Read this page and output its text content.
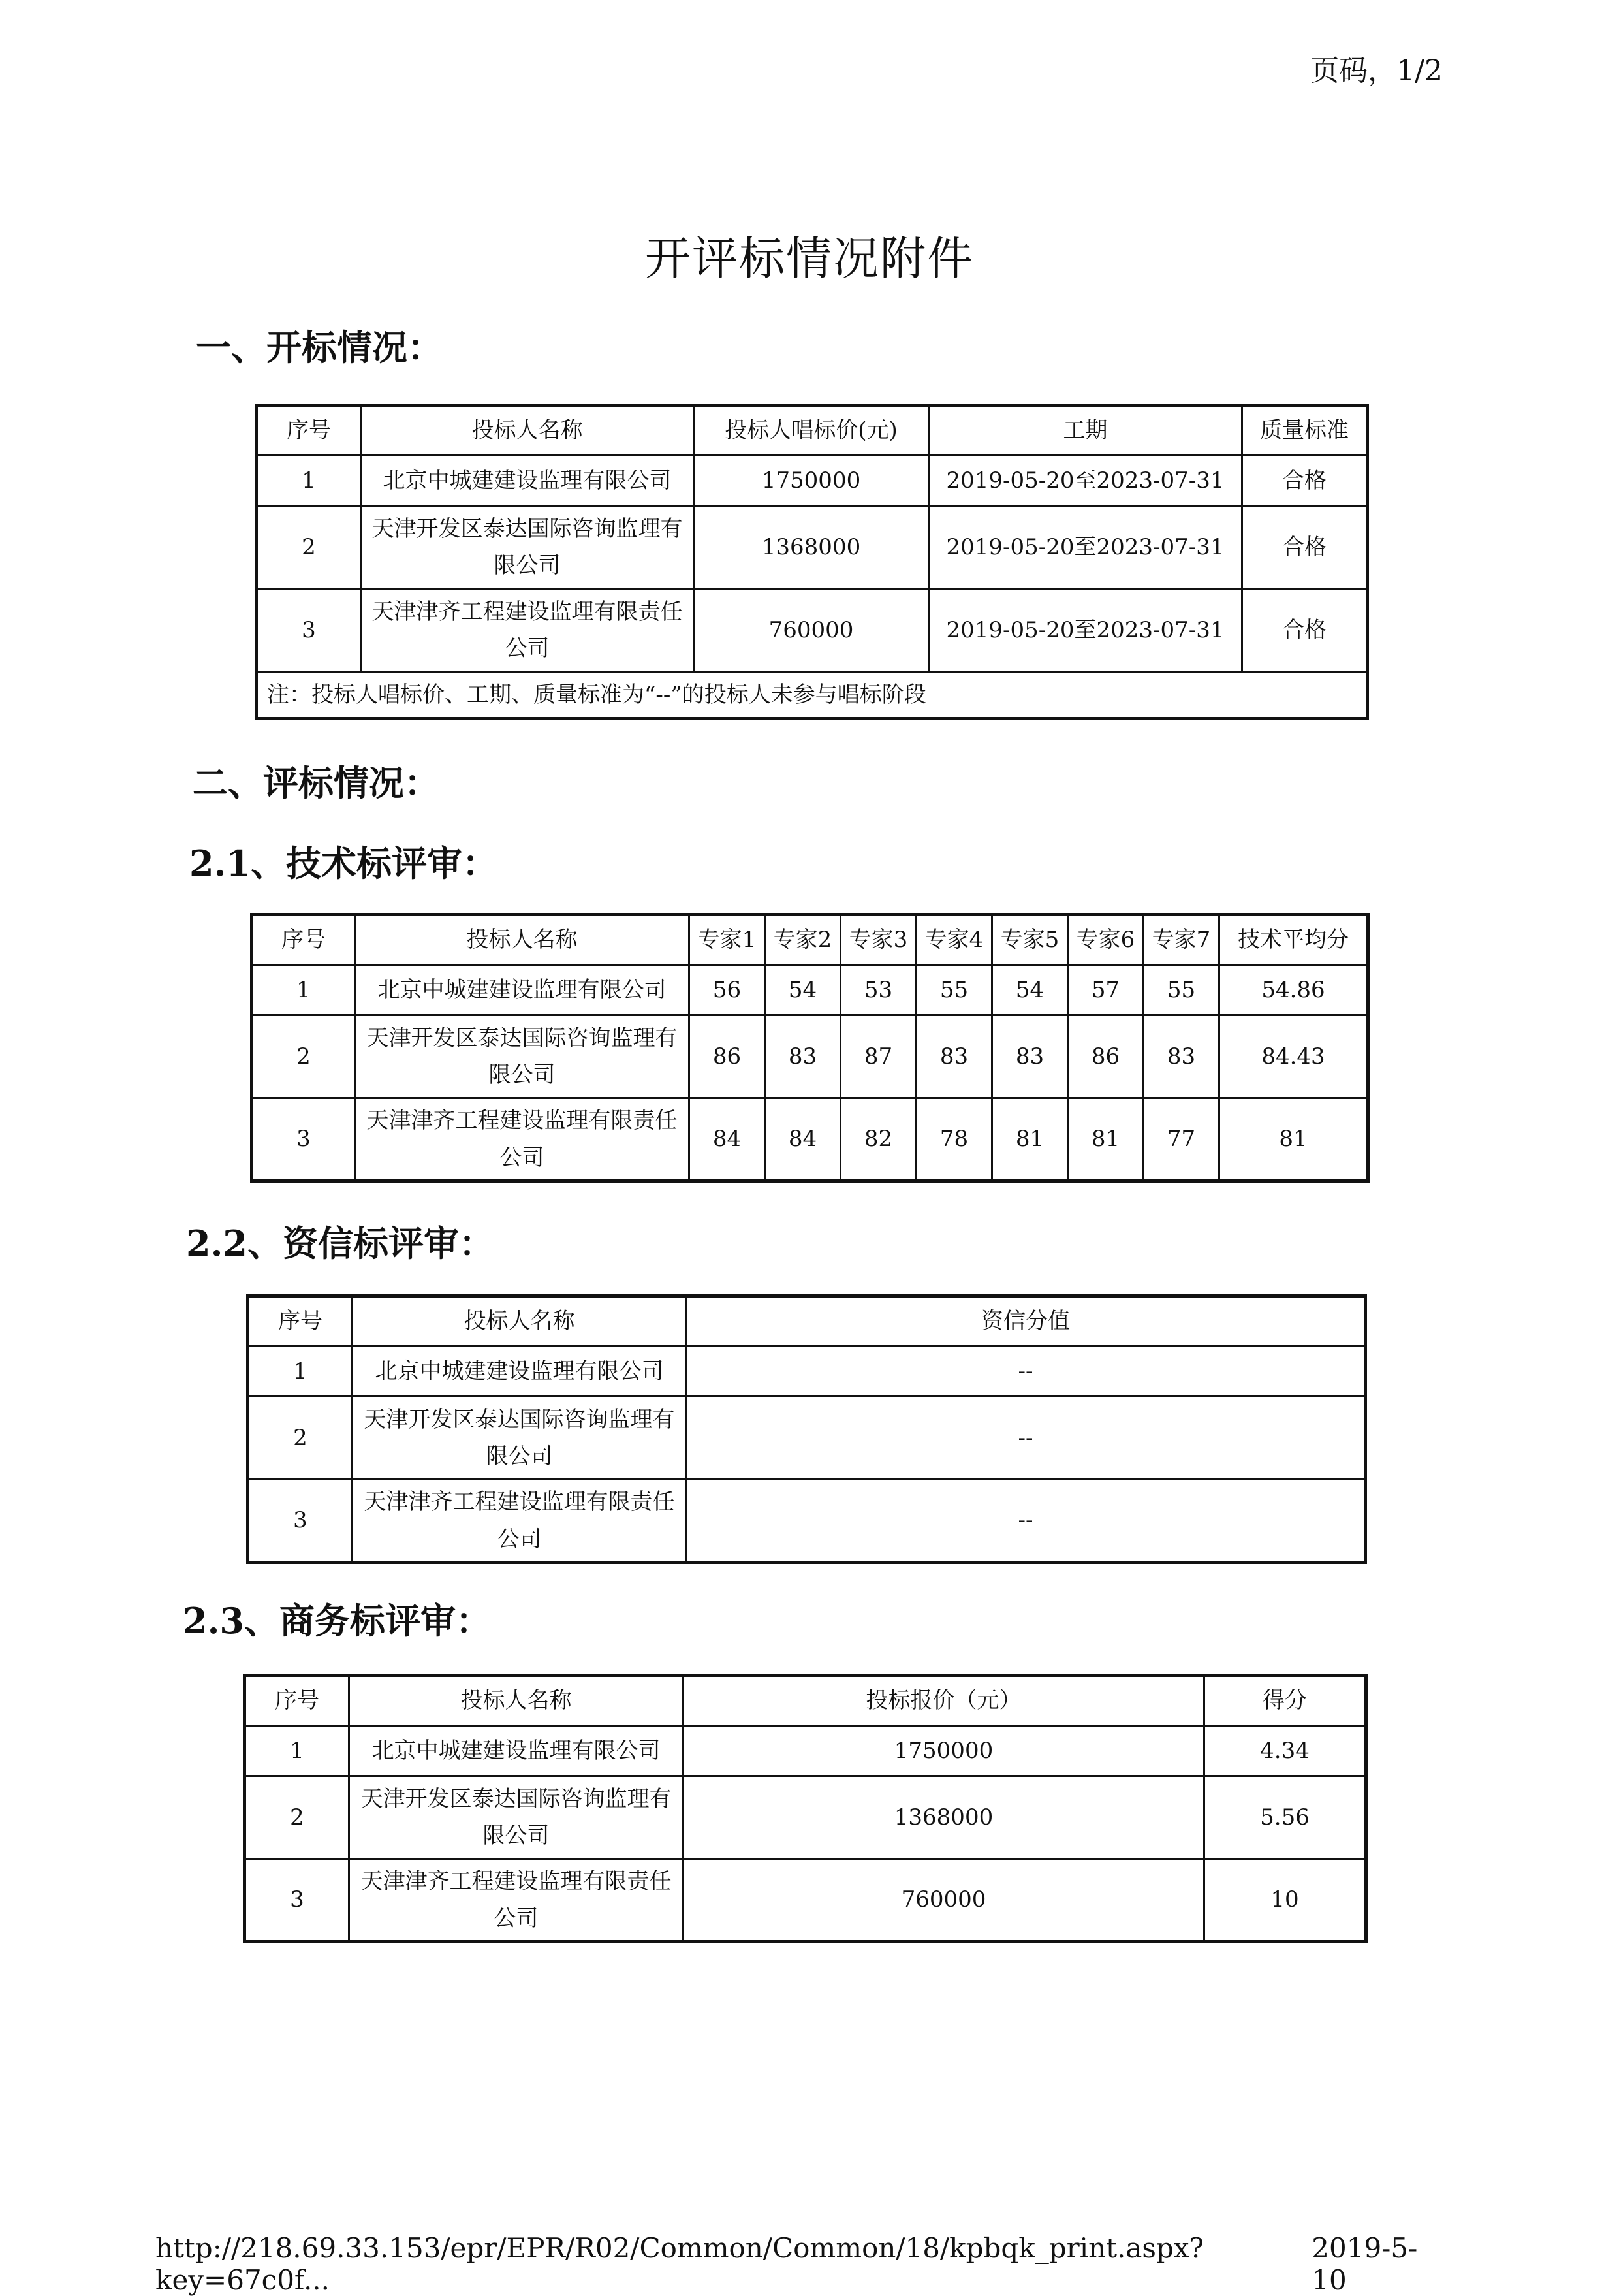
页码，1/2
开评标情况附件
一、开标情况：
序号	投标人名称	投标人唱标价(元)	工期	质量标准
1	北京中城建建设监理有限公司	1750000	2019-05-20至2023-07-31	合格
2	天津开发区泰达国际咨询监理有限公司	1368000	2019-05-20至2023-07-31	合格
3	天津津齐工程建设监理有限责任公司	760000	2019-05-20至2023-07-31	合格
注：投标人唱标价、工期、质量标准为“--”的投标人未参与唱标阶段				
二、评标情况：
2.1、技术标评审：
序号	投标人名称	专家1	专家2	专家3	专家4	专家5	专家6	专家7	技术平均分
1	北京中城建建设监理有限公司	56	54	53	55	54	57	55	54.86
2	天津开发区泰达国际咨询监理有限公司	86	83	87	83	83	86	83	84.43
3	天津津齐工程建设监理有限责任公司	84	84	82	78	81	81	77	81
2.2、资信标评审：
序号	投标人名称	资信分值
1	北京中城建建设监理有限公司	--
2	天津开发区泰达国际咨询监理有限公司	--
3	天津津齐工程建设监理有限责任公司	--
2.3、商务标评审：
序号	投标人名称	投标报价（元）	得分
1	北京中城建建设监理有限公司	1750000	4.34
2	天津开发区泰达国际咨询监理有限公司	1368000	5.56
3	天津津齐工程建设监理有限责任公司	760000	10
http://218.69.33.153/epr/EPR/R02/Common/Common/18/kpbqk_print.aspx?key=67c0f...
2019-5-10
